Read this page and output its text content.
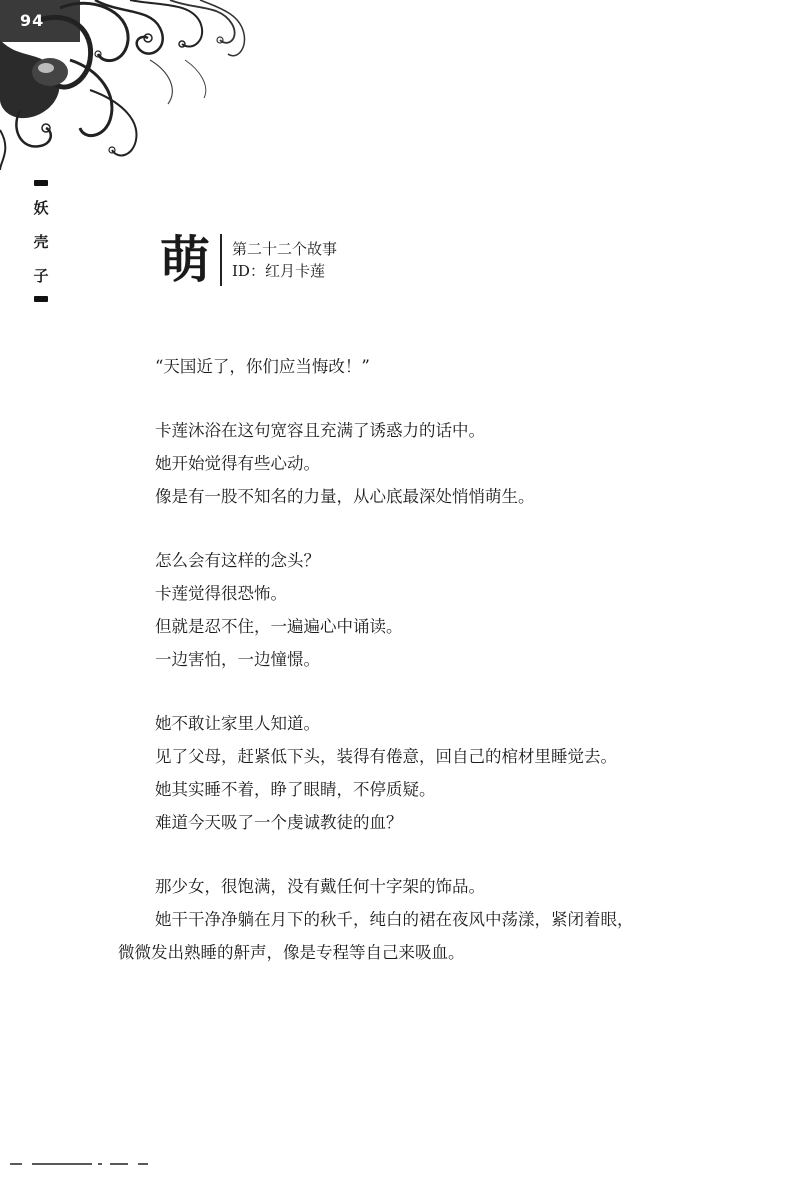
94
妖
壳
子 萌 第二十二个故事
ID：红月卡莲
“天国近了，你们应当悔改！”
卡莲沐浴在这句宽容且充满了诱惑力的话中。
她开始觉得有些心动。
像是有一股不知名的力量，从心底最深处悄悄萌生。
怎么会有这样的念头？
卡莲觉得很恐怖。
但就是忍不住，一遍遍心中诵读。
一边害怕，一边憧憬。
她不敢让家里人知道。
见了父母，赶紧低下头，装得有倦意，回自己的棺材里睡觉去。
她其实睡不着，睁了眼睛，不停质疑。
难道今天吸了一个虔诚教徒的血？
那少女，很饱满，没有戴任何十字架的饰品。
她干干净净躺在月下的秋千，纯白的裙在夜风中荡漾，紧闭着眼，
微微发出熟睡的鼾声，像是专程等自己来吸血。
